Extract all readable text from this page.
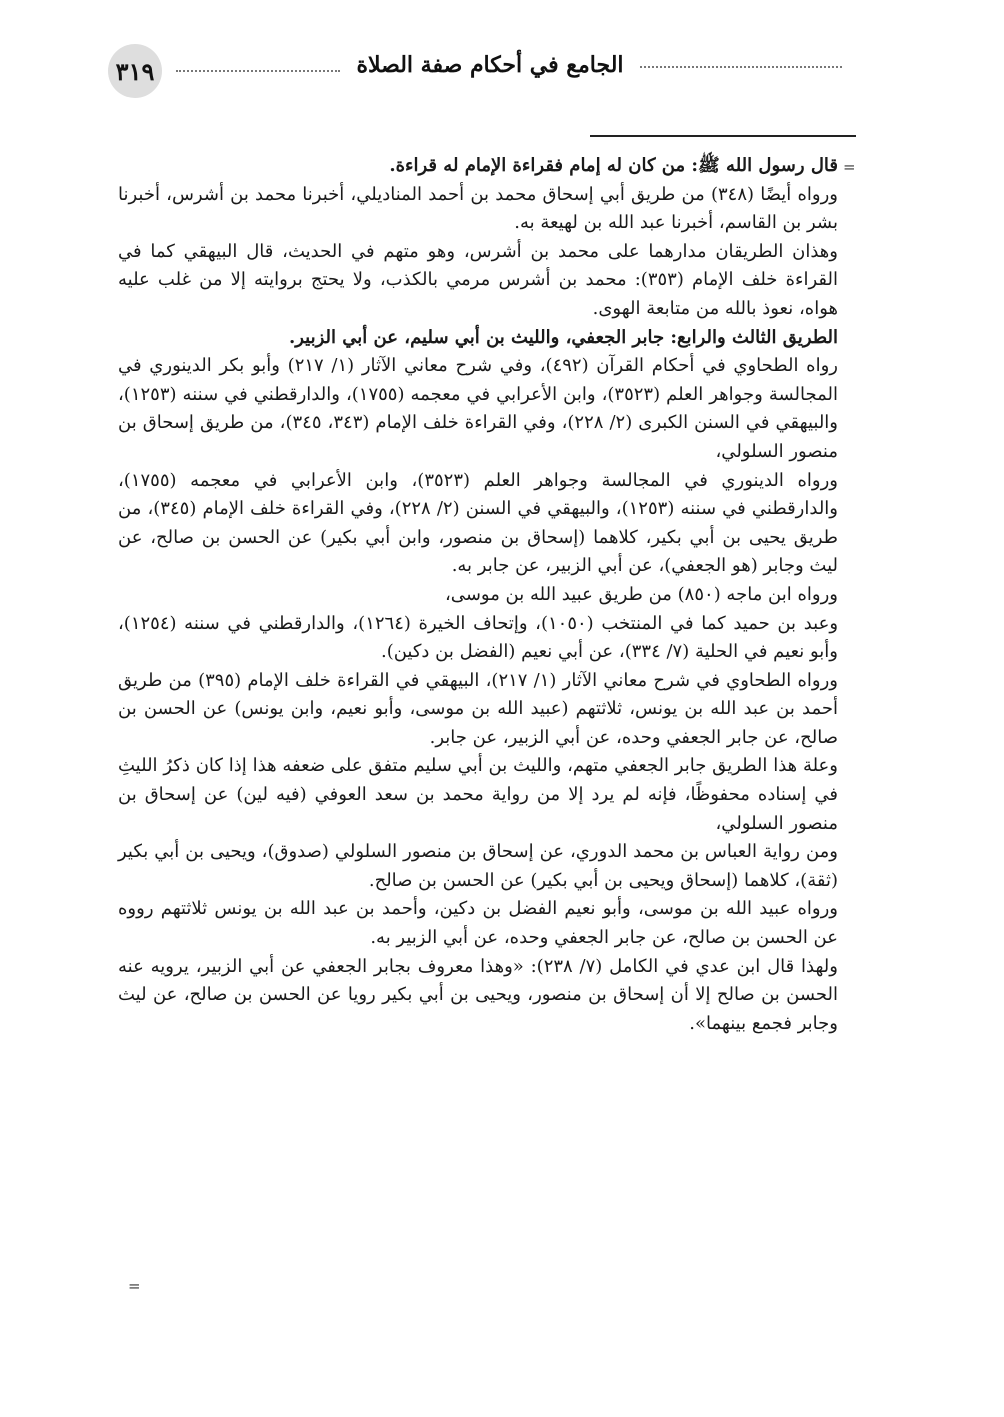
٣١٩	الجامع في أحكام صفة الصلاة
=

قال رسول الله ﷺ: من كان له إمام فقراءة الإمام له قراءة.

ورواه أيضًا (٣٤٨) من طريق أبي إسحاق محمد بن أحمد المناديلي، أخبرنا محمد بن أشرس، أخبرنا بشر بن القاسم، أخبرنا عبد الله بن لهيعة به.

وهذان الطريقان مدارهما على محمد بن أشرس، وهو متهم في الحديث، قال البيهقي كما في القراءة خلف الإمام (٣٥٣): محمد بن أشرس مرمي بالكذب، ولا يحتج بروايته إلا من غلب عليه هواه، نعوذ بالله من متابعة الهوى.

الطريق الثالث والرابع: جابر الجعفي، والليث بن أبي سليم، عن أبي الزبير.

رواه الطحاوي في أحكام القرآن (٤٩٢)، وفي شرح معاني الآثار (١/ ٢١٧) وأبو بكر الدينوري في المجالسة وجواهر العلم (٣٥٢٣)، وابن الأعرابي في معجمه (١٧٥٥)، والدارقطني في سننه (١٢٥٣)، والبيهقي في السنن الكبرى (٢/ ٢٢٨)، وفي القراءة خلف الإمام (٣٤٣، ٣٤٥)، من طريق إسحاق بن منصور السلولي،

ورواه الدينوري في المجالسة وجواهر العلم (٣٥٢٣)، وابن الأعرابي في معجمه (١٧٥٥)، والدارقطني في سننه (١٢٥٣)، والبيهقي في السنن (٢/ ٢٢٨)، وفي القراءة خلف الإمام (٣٤٥)، من طريق يحيى بن أبي بكير، كلاهما (إسحاق بن منصور، وابن أبي بكير) عن الحسن بن صالح، عن ليث وجابر (هو الجعفي)، عن أبي الزبير، عن جابر به.

ورواه ابن ماجه (٨٥٠) من طريق عبيد الله بن موسى،

وعبد بن حميد كما في المنتخب (١٠٥٠)، وإتحاف الخيرة (١٢٦٤)، والدارقطني في سننه (١٢٥٤)، وأبو نعيم في الحلية (٧/ ٣٣٤)، عن أبي نعيم (الفضل بن دكين).

ورواه الطحاوي في شرح معاني الآثار (١/ ٢١٧)، البيهقي في القراءة خلف الإمام (٣٩٥) من طريق أحمد بن عبد الله بن يونس، ثلاثتهم (عبيد الله بن موسى، وأبو نعيم، وابن يونس) عن الحسن بن صالح، عن جابر الجعفي وحده، عن أبي الزبير، عن جابر.

وعلة هذا الطريق جابر الجعفي متهم، والليث بن أبي سليم متفق على ضعفه هذا إذا كان ذكرُ الليثِ في إسناده محفوظًا، فإنه لم يرد إلا من رواية محمد بن سعد العوفي (فيه لين) عن إسحاق بن منصور السلولي،

ومن رواية العباس بن محمد الدوري، عن إسحاق بن منصور السلولي (صدوق)، ويحيى بن أبي بكير (ثقة)، كلاهما (إسحاق ويحيى بن أبي بكير) عن الحسن بن صالح.

ورواه عبيد الله بن موسى، وأبو نعيم الفضل بن دكين، وأحمد بن عبد الله بن يونس ثلاثتهم رووه عن الحسن بن صالح، عن جابر الجعفي وحده، عن أبي الزبير به.

ولهذا قال ابن عدي في الكامل (٧/ ٢٣٨): «وهذا معروف بجابر الجعفي عن أبي الزبير، يرويه عنه الحسن بن صالح إلا أن إسحاق بن منصور، ويحيى بن أبي بكير رويا عن الحسن بن صالح، عن ليث وجابر فجمع بينهما».

=
